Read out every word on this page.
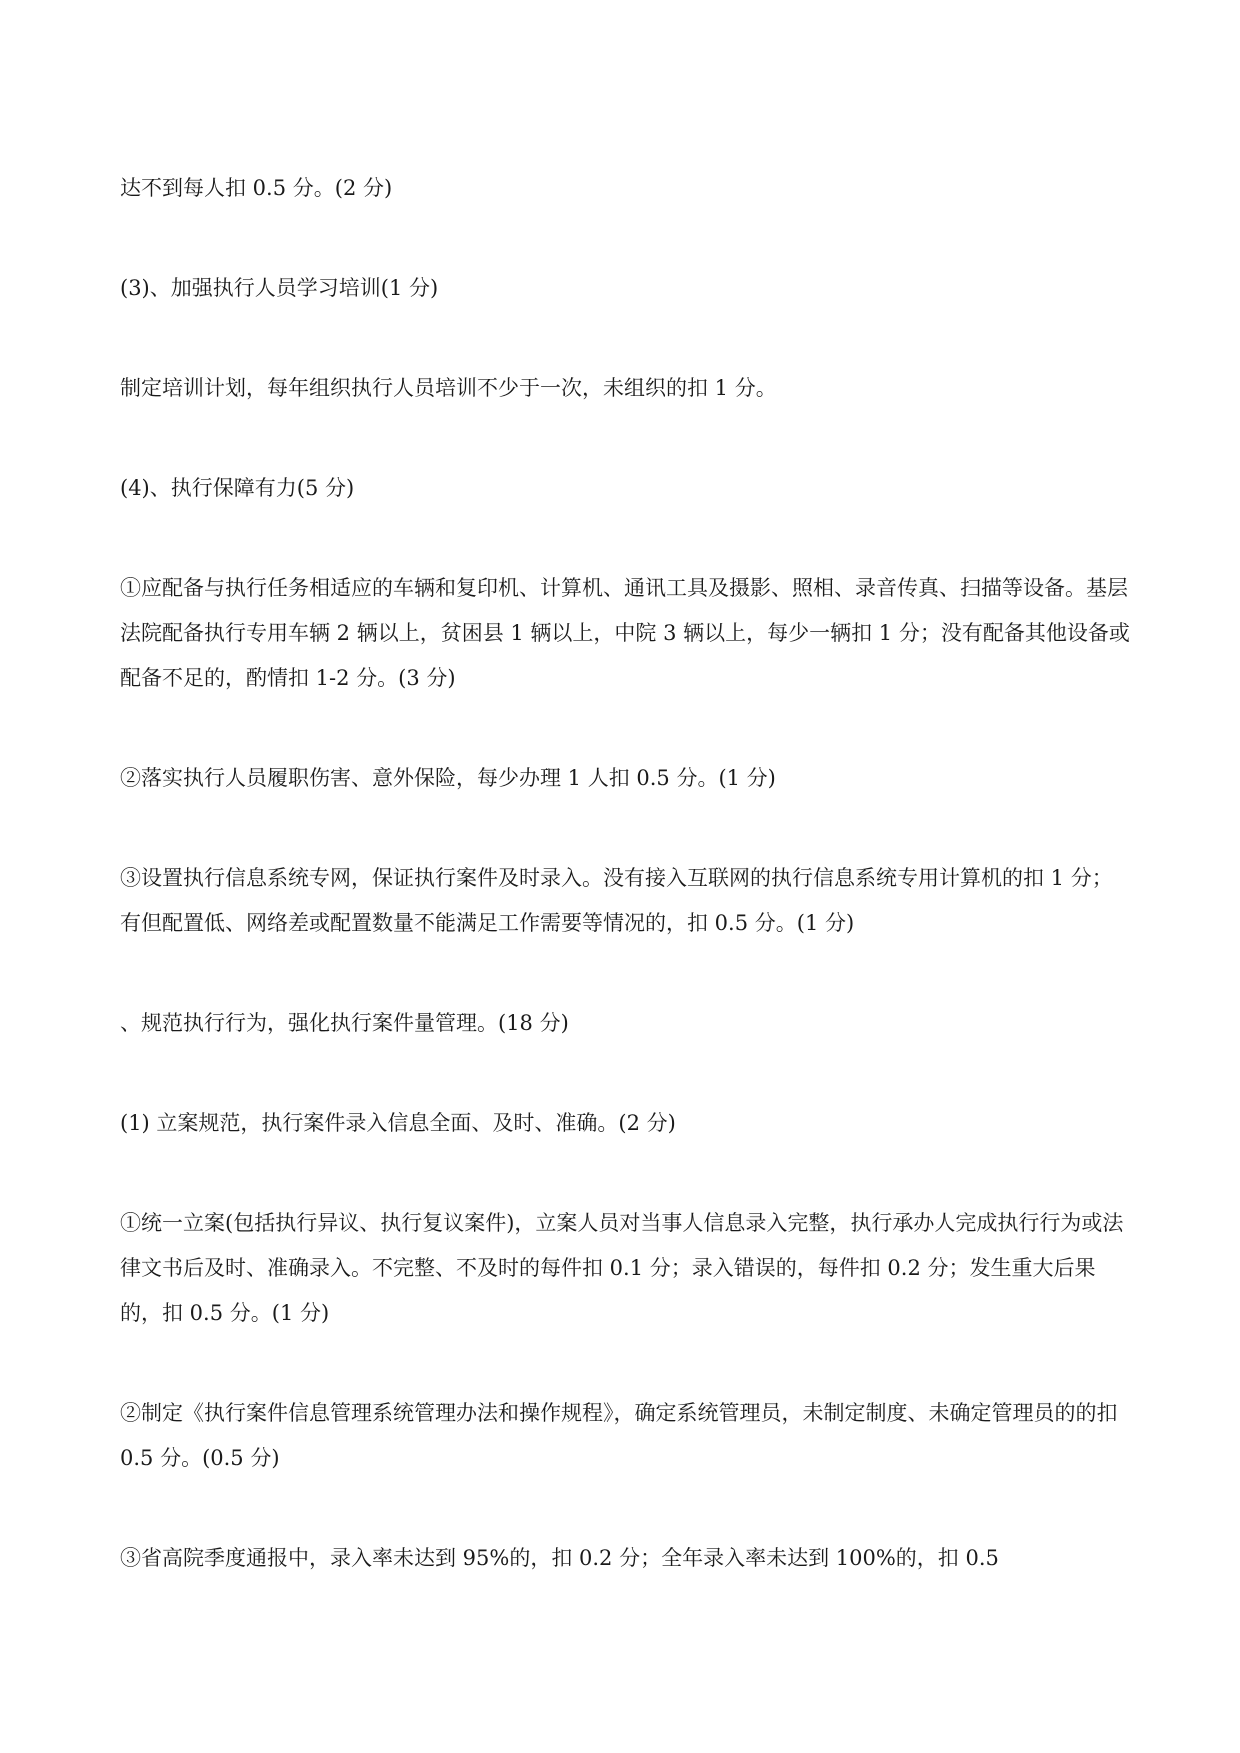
达不到每人扣 0.5 分。(2 分)

(3)、加强执行人员学习培训(1 分)

制定培训计划，每年组织执行人员培训不少于一次，未组织的扣 1 分。

(4)、执行保障有力(5 分)

①应配备与执行任务相适应的车辆和复印机、计算机、通讯工具及摄影、照相、录音传真、扫描等设备。基层法院配备执行专用车辆 2 辆以上，贫困县 1 辆以上，中院 3 辆以上，每少一辆扣 1 分；没有配备其他设备或配备不足的，酌情扣 1-2 分。(3 分)

②落实执行人员履职伤害、意外保险，每少办理 1 人扣 0.5 分。(1 分)

③设置执行信息系统专网，保证执行案件及时录入。没有接入互联网的执行信息系统专用计算机的扣 1 分；有但配置低、网络差或配置数量不能满足工作需要等情况的，扣 0.5 分。(1 分)

、规范执行行为，强化执行案件量管理。(18 分)

(1) 立案规范，执行案件录入信息全面、及时、准确。(2 分)

①统一立案(包括执行异议、执行复议案件)，立案人员对当事人信息录入完整，执行承办人完成执行行为或法律文书后及时、准确录入。不完整、不及时的每件扣 0.1 分；录入错误的，每件扣 0.2 分；发生重大后果的，扣 0.5 分。(1 分)

②制定《执行案件信息管理系统管理办法和操作规程》，确定系统管理员，未制定制度、未确定管理员的的扣 0.5 分。(0.5 分)

③省高院季度通报中，录入率未达到 95%的，扣 0.2 分；全年录入率未达到 100%的，扣 0.5
